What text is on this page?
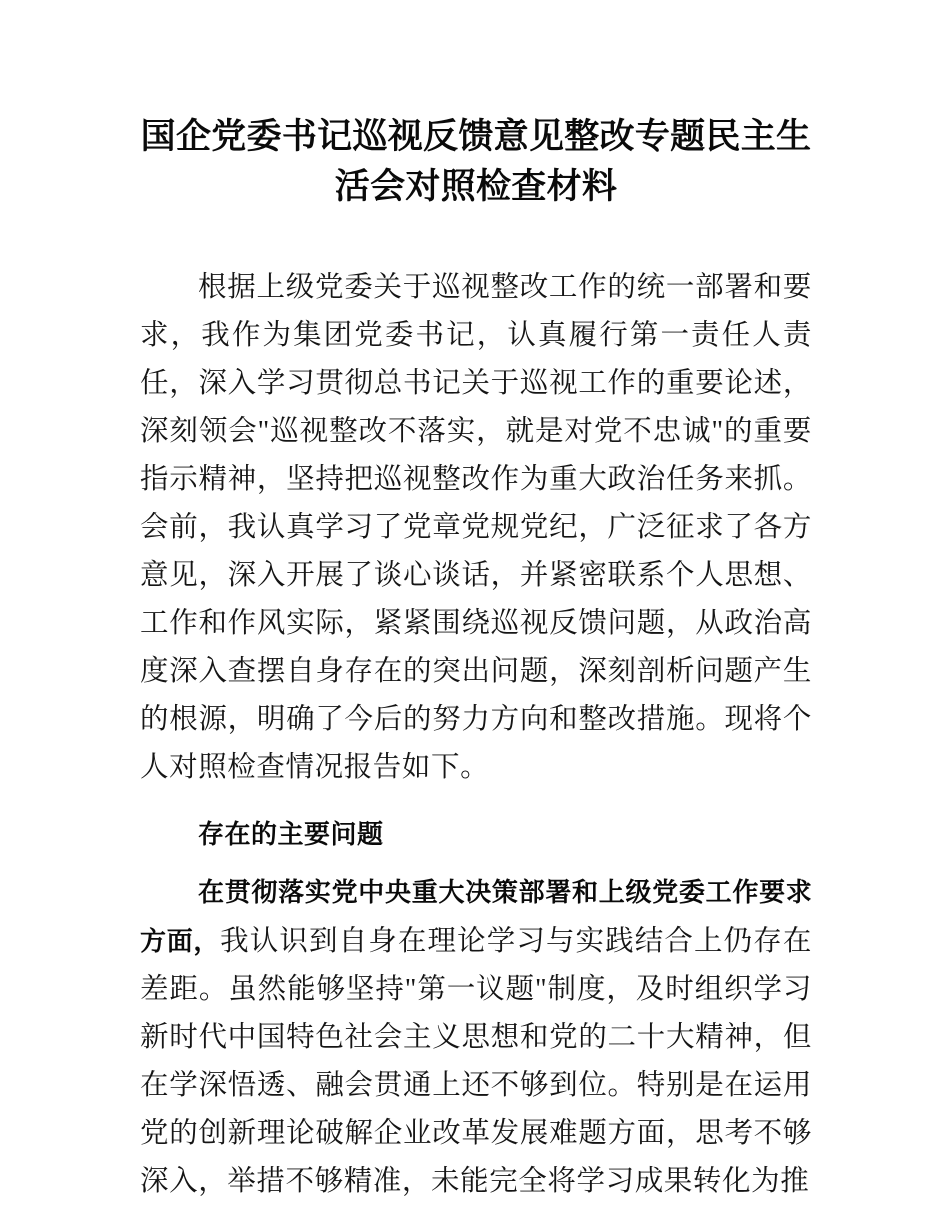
国企党委书记巡视反馈意见整改专题民主生活会对照检查材料

根据上级党委关于巡视整改工作的统一部署和要求，我作为集团党委书记，认真履行第一责任人责任，深入学习贯彻总书记关于巡视工作的重要论述，深刻领会"巡视整改不落实，就是对党不忠诚"的重要指示精神，坚持把巡视整改作为重大政治任务来抓。会前，我认真学习了党章党规党纪，广泛征求了各方意见，深入开展了谈心谈话，并紧密联系个人思想、工作和作风实际，紧紧围绕巡视反馈问题，从政治高度深入查摆自身存在的突出问题，深刻剖析问题产生的根源，明确了今后的努力方向和整改措施。现将个人对照检查情况报告如下。

存在的主要问题

在贯彻落实党中央重大决策部署和上级党委工作要求方面，我认识到自身在理论学习与实践结合上仍存在差距。虽然能够坚持"第一议题"制度，及时组织学习新时代中国特色社会主义思想和党的二十大精神，但在学深悟透、融会贯通上还不够到位。特别是在运用党的创新理论破解企业改革发展难题方面，思考不够深入，举措不够精准，未能完全将学习成果转化为推
